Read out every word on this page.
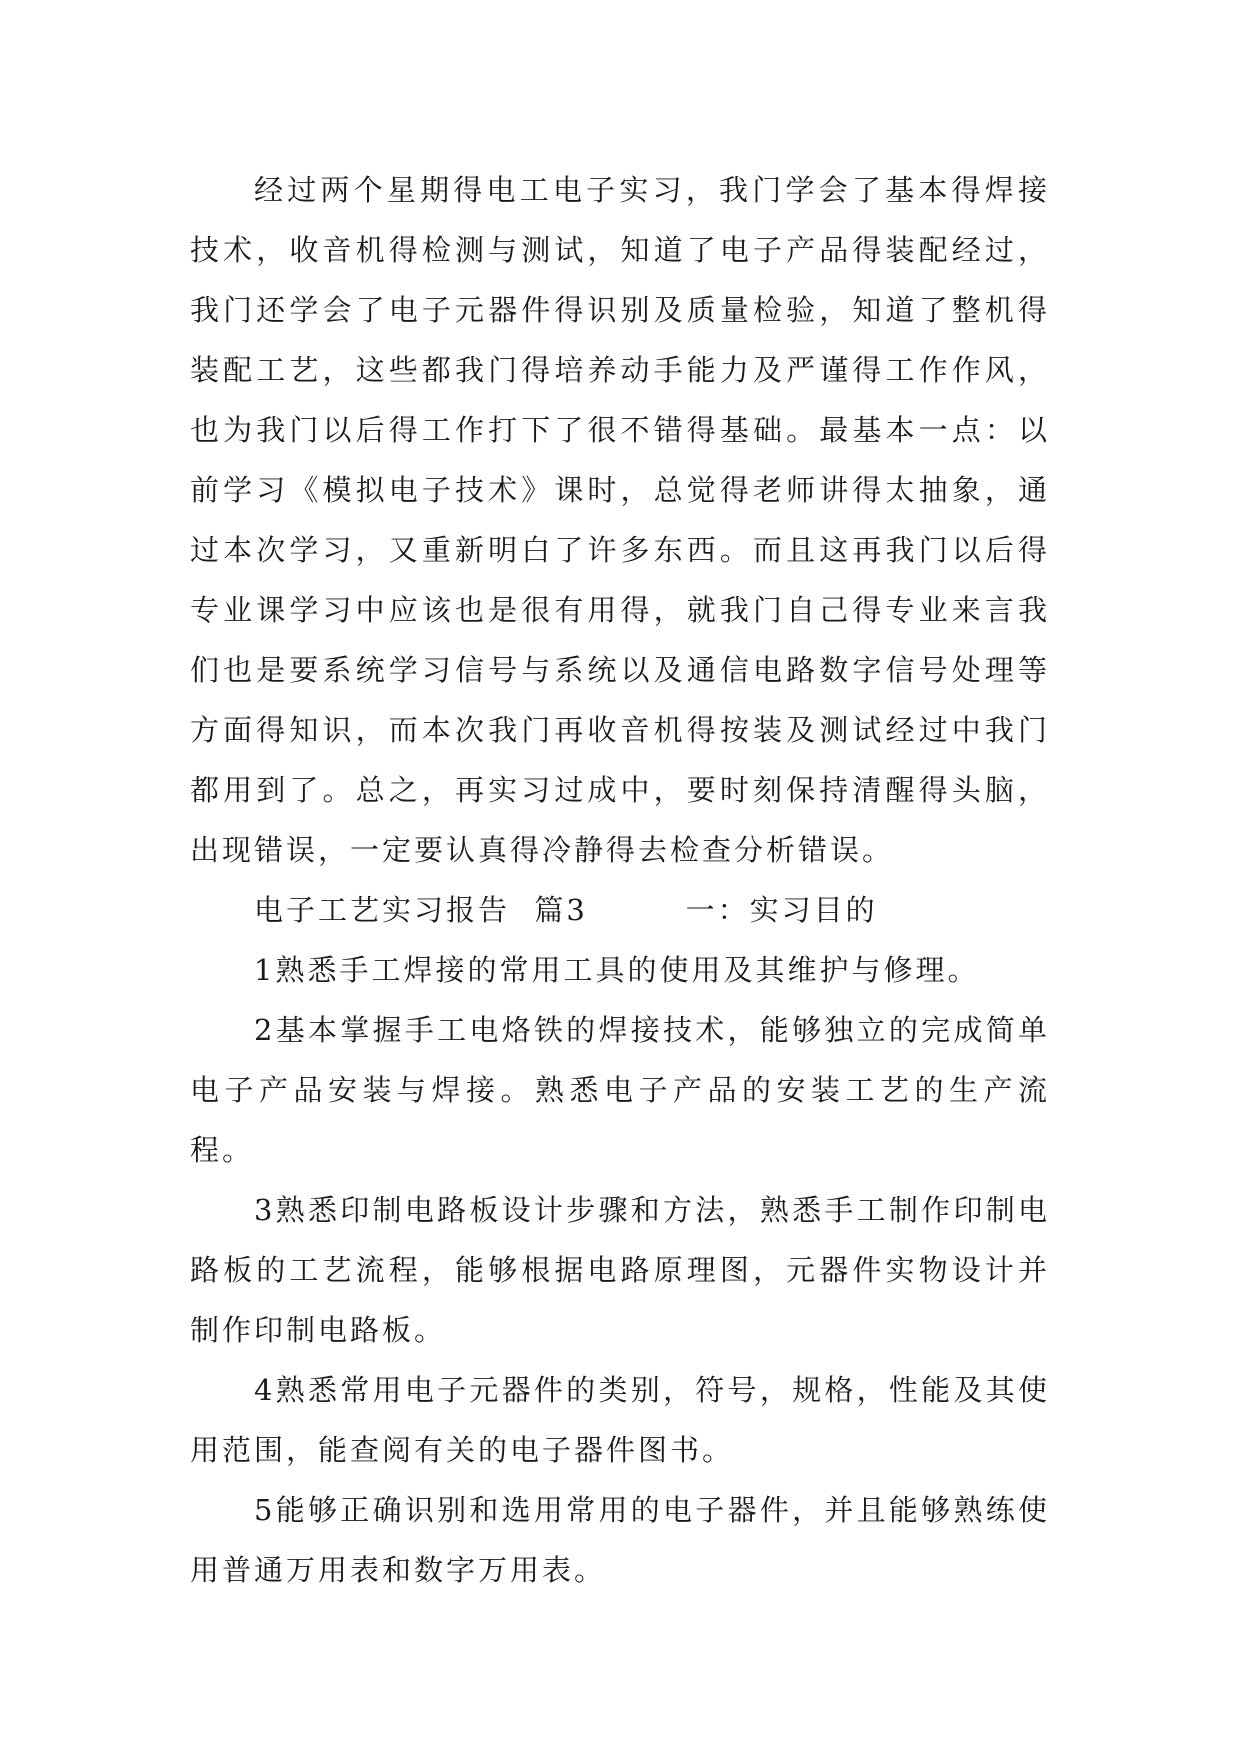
经过两个星期得电工电子实习，我门学会了基本得焊接技术，收音机得检测与测试，知道了电子产品得装配经过，我门还学会了电子元器件得识别及质量检验，知道了整机得装配工艺，这些都我门得培养动手能力及严谨得工作作风，也为我门以后得工作打下了很不错得基础。最基本一点：以前学习《模拟电子技术》课时，总觉得老师讲得太抽象，通过本次学习，又重新明白了许多东西。而且这再我门以后得专业课学习中应该也是很有用得，就我门自己得专业来言我们也是要系统学习信号与系统以及通信电路数字信号处理等方面得知识，而本次我门再收音机得按装及测试经过中我门都用到了。总之，再实习过成中，要时刻保持清醒得头脑，出现错误，一定要认真得冷静得去检查分析错误。

电子工艺实习报告  篇3	一：实习目的

1熟悉手工焊接的常用工具的使用及其维护与修理。

2基本掌握手工电烙铁的焊接技术，能够独立的完成简单电子产品安装与焊接。熟悉电子产品的安装工艺的生产流程。

3熟悉印制电路板设计步骤和方法，熟悉手工制作印制电路板的工艺流程，能够根据电路原理图，元器件实物设计并制作印制电路板。

4熟悉常用电子元器件的类别，符号，规格，性能及其使用范围，能查阅有关的电子器件图书。

5能够正确识别和选用常用的电子器件，并且能够熟练使用普通万用表和数字万用表。
